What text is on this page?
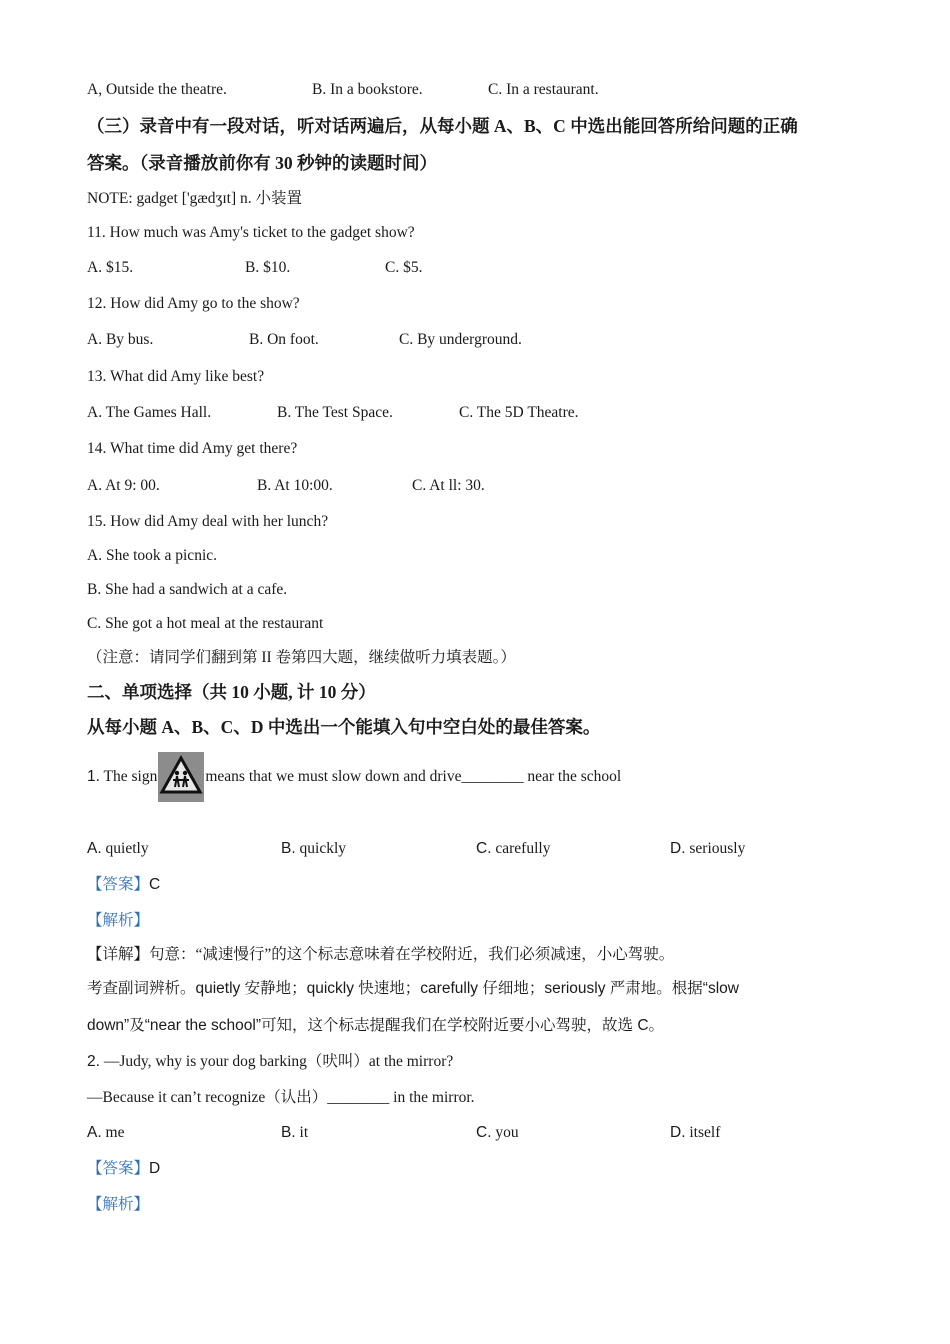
A, Outside the theatre.	B. In a bookstore.	C. In a restaurant.
（三）录音中有一段对话，听对话两遍后，从每小题 A、B、C 中选出能回答所给问题的正确
答案。（录音播放前你有 30 秒钟的读题时间）
NOTE: gadget ['gædʒɪt] n. 小装置
11. How much was Amy's ticket to the gadget show?
A. $15.	B. $10.	C. $5.
12. How did Amy go to the show?
A. By bus.	B. On foot.	C. By underground.
13. What did Amy like best?
A. The Games Hall.	B. The Test Space.	C. The 5D Theatre.
14. What time did Amy get there?
A. At 9: 00.	B. At 10:00.	C. At ll: 30.
15. How did Amy deal with her lunch?
A. She took a picnic.
B. She had a sandwich at a cafe.
C. She got a hot meal at the restaurant
（注意：请同学们翻到第 II 卷第四大题，继续做听力填表题。）
二、单项选择（共 10 小题, 计 10 分）
从每小题 A、B、C、D 中选出一个能填入句中空白处的最佳答案。
1. The sign	means that we must slow down and drive________ near the school
A. quietly	B. quickly	C. carefully	D. seriously
【答案】C
【解析】
【详解】句意：“减速慢行”的这个标志意味着在学校附近，我们必须减速，小心驾驶。
考查副词辨析。quietly 安静地；quickly 快速地；carefully 仔细地；seriously 严肃地。根据“slow
down”及“near the school”可知，这个标志提醒我们在学校附近要小心驾驶，故选 C。
2. —Judy, why is your dog barking（吠叫）at the mirror?
—Because it can’t recognize（认出）________ in the mirror.
A. me	B. it	C. you	D. itself
【答案】D
【解析】
